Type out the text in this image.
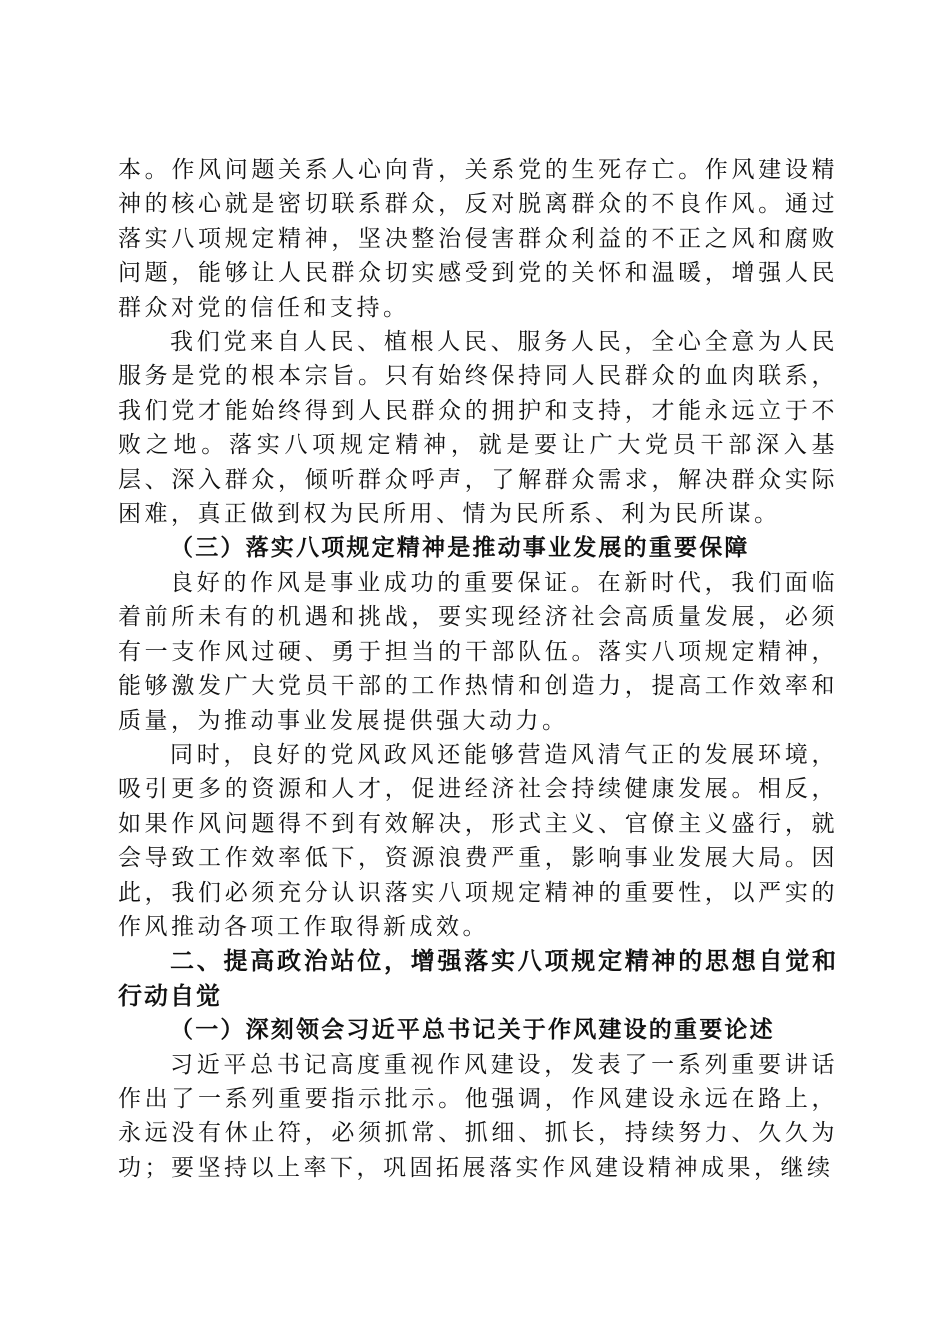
本。作风问题关系人心向背，关系党的生死存亡。作风建设精神的核心就是密切联系群众，反对脱离群众的不良作风。通过落实八项规定精神，坚决整治侵害群众利益的不正之风和腐败问题，能够让人民群众切实感受到党的关怀和温暖，增强人民群众对党的信任和支持。

我们党来自人民、植根人民、服务人民，全心全意为人民服务是党的根本宗旨。只有始终保持同人民群众的血肉联系，我们党才能始终得到人民群众的拥护和支持，才能永远立于不败之地。落实八项规定精神，就是要让广大党员干部深入基层、深入群众，倾听群众呼声，了解群众需求，解决群众实际困难，真正做到权为民所用、情为民所系、利为民所谋。

（三）落实八项规定精神是推动事业发展的重要保障

良好的作风是事业成功的重要保证。在新时代，我们面临着前所未有的机遇和挑战，要实现经济社会高质量发展，必须有一支作风过硬、勇于担当的干部队伍。落实八项规定精神，能够激发广大党员干部的工作热情和创造力，提高工作效率和质量，为推动事业发展提供强大动力。

同时，良好的党风政风还能够营造风清气正的发展环境，吸引更多的资源和人才，促进经济社会持续健康发展。相反，如果作风问题得不到有效解决，形式主义、官僚主义盛行，就会导致工作效率低下，资源浪费严重，影响事业发展大局。因此，我们必须充分认识落实八项规定精神的重要性，以严实的作风推动各项工作取得新成效。

二、提高政治站位，增强落实八项规定精神的思想自觉和行动自觉

（一）深刻领会习近平总书记关于作风建设的重要论述

习近平总书记高度重视作风建设，发表了一系列重要讲话作出了一系列重要指示批示。他强调，作风建设永远在路上，永远没有休止符，必须抓常、抓细、抓长，持续努力、久久为功；要坚持以上率下，巩固拓展落实作风建设精神成果，继续
